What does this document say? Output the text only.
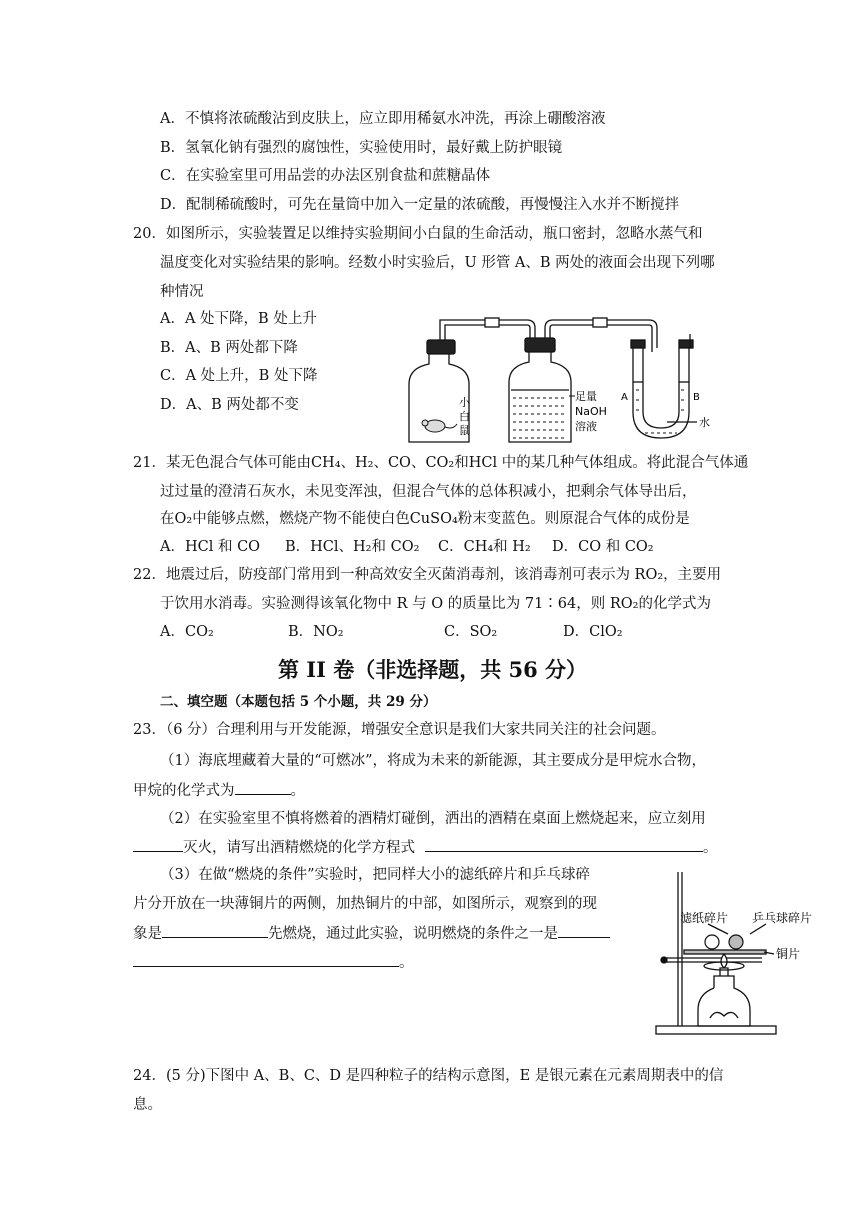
A．不慎将浓硫酸沾到皮肤上，应立即用稀氨水冲洗，再涂上硼酸溶液
B．氢氧化钠有强烈的腐蚀性，实验使用时，最好戴上防护眼镜
C．在实验室里可用品尝的办法区别食盐和蔗糖晶体
D．配制稀硫酸时，可先在量筒中加入一定量的浓硫酸，再慢慢注入水并不断搅拌
20．如图所示，实验装置足以维持实验期间小白鼠的生命活动，瓶口密封，忽略水蒸气和
温度变化对实验结果的影响。经数小时实验后，U 形管 A、B 两处的液面会出现下列哪
种情况
A．A 处下降，B 处上升
B．A、B 两处都下降
C．A 处上升，B 处下降
D．A、B 两处都不变	小
白
鼠
足量
NaOH
溶液
A	B
水
21．某无色混合气体可能由CH₄、H₂、CO、CO₂和HCl 中的某几种气体组成。将此混合气体通
过过量的澄清石灰水，未见变浑浊，但混合气体的总体积减小，把剩余气体导出后，
在O₂中能够点燃，燃烧产物不能使白色CuSO₄粉末变蓝色。则原混合气体的成份是
A．HCl 和 CO B．HCl、H₂和 CO₂ C．CH₄和 H₂ D．CO 和 CO₂
22．地震过后，防疫部门常用到一种高效安全灭菌消毒剂，该消毒剂可表示为 RO₂，主要用
于饮用水消毒。实验测得该氧化物中 R 与 O 的质量比为 71∶64，则 RO₂的化学式为
A．CO₂	B．NO₂	C．SO₂	D．ClO₂
第 II 卷（非选择题，共 56 分）
二、填空题（本题包括 5 个小题，共 29 分）
23．（6 分）合理利用与开发能源，增强安全意识是我们大家共同关注的社会问题。
（1）海底埋藏着大量的“可燃冰”，将成为未来的新能源，其主要成分是甲烷水合物，
甲烷的化学式为	。
（2）在实验室里不慎将燃着的酒精灯碰倒，洒出的酒精在桌面上燃烧起来，应立刻用
灭火，请写出酒精燃烧的化学方程式	。
（3）在做“燃烧的条件”实验时，把同样大小的滤纸碎片和乒乓球碎
片分开放在一块薄铜片的两侧，加热铜片的中部，如图所示，观察到的现
象是	先燃烧，通过此实验，说明燃烧的条件之一是
。
滤纸碎片 乒乓球碎片
铜片
24．(5 分)下图中 A、B、C、D 是四种粒子的结构示意图，E 是银元素在元素周期表中的信
息。
